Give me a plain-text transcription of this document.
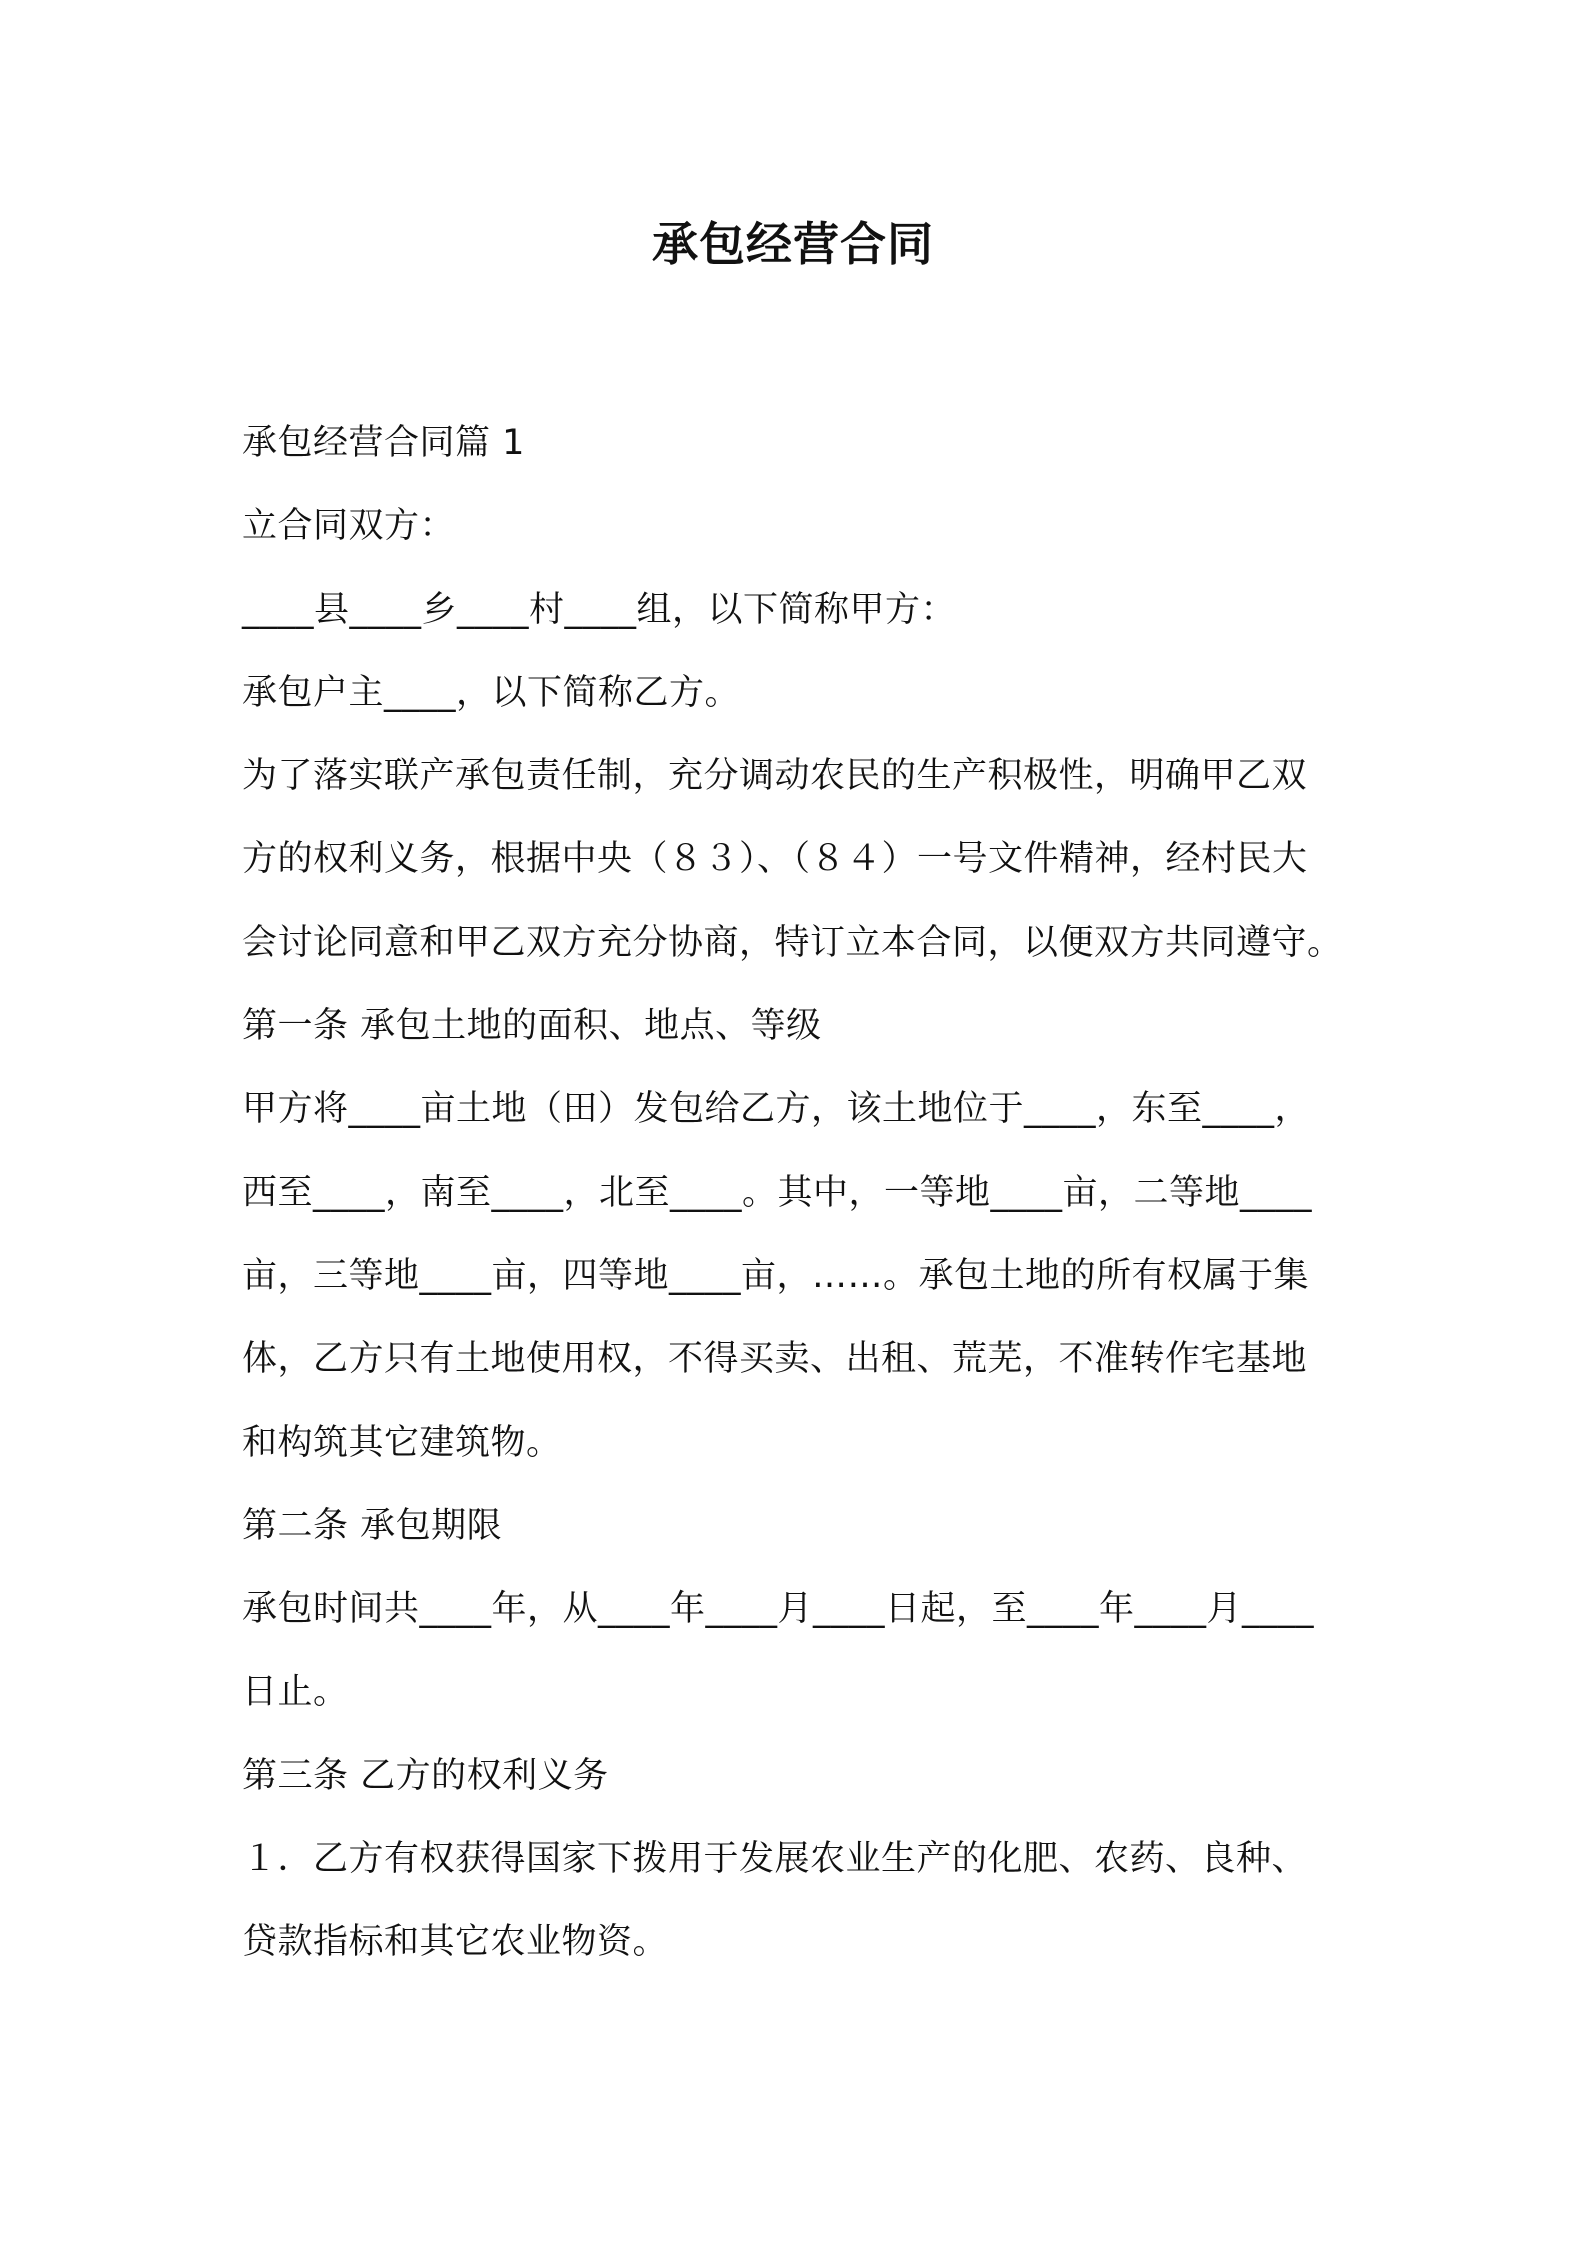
承包经营合同
承包经营合同篇 1
立合同双方：
____县____乡____村____组，以下简称甲方：
承包户主____，以下简称乙方。
为了落实联产承包责任制，充分调动农民的生产积极性，明确甲乙双
方的权利义务，根据中央（８３）、（８４）一号文件精神，经村民大
会讨论同意和甲乙双方充分协商，特订立本合同，以便双方共同遵守。
第一条 承包土地的面积、地点、等级
甲方将____亩土地（田）发包给乙方，该土地位于____，东至____，
西至____，南至____，北至____。其中，一等地____亩，二等地____
亩，三等地____亩，四等地____亩，……。承包土地的所有权属于集
体，乙方只有土地使用权，不得买卖、出租、荒芜，不准转作宅基地
和构筑其它建筑物。
第二条 承包期限
承包时间共____年，从____年____月____日起，至____年____月____
日止。
第三条 乙方的权利义务
１．乙方有权获得国家下拨用于发展农业生产的化肥、农药、良种、
贷款指标和其它农业物资。
